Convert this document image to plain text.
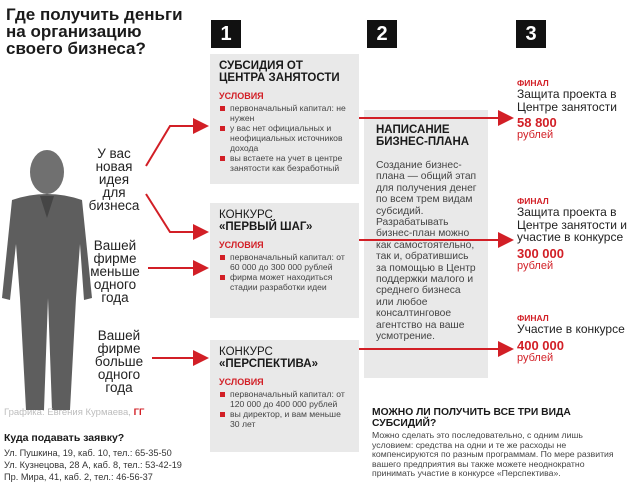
Где получить деньги на организацию своего бизнеса?
У вас новая идея для бизнеса
Вашей фирме меньше одного года
Вашей фирме больше одного года
1	2	3
СУБСИДИЯ ОТ ЦЕНТРА ЗАНЯТОСТИ
УСЛОВИЯ
первоначальный капитал: не нужен
у вас нет официальных и неофициальных источников дохода
вы встаете на учет в центре занятости как безработный
КОНКУРС
«ПЕРВЫЙ ШАГ»
УСЛОВИЯ
первоначальный капитал: от 60 000 до 300 000 рублей
фирма может находиться стадии разработки идеи
КОНКУРС
«ПЕРСПЕКТИВА»
УСЛОВИЯ
первоначальный капитал: от 120 000 до 400 000 рублей
вы директор, и вам меньше 30 лет
НАПИСАНИЕ БИЗНЕС-ПЛАНА
Создание бизнес-плана — общий этап для получения денег по всем трем видам субсидий. Разрабатывать бизнес-план можно как самостоятельно, так и, обратившись за помощью в Центр поддержки малого и среднего бизнеса или любое консалтинговое агентство на ваше усмотрение.
ФИНАЛ
Защита проекта в Центре занятости
58 800
рублей
ФИНАЛ
Защита проекта в Центре занятости и участие в конкурсе
300 000
рублей
ФИНАЛ
Участие в конкурсе
400 000
рублей
Графика: Евгения Курмаева, ГГ
Куда подавать заявку?
Ул. Пушкина, 19, каб. 10, тел.: 65-35-50
Ул. Кузнецова, 28 А, каб. 8, тел.: 53-42-19
Пр. Мира, 41, каб. 2, тел.: 46-56-37
МОЖНО ЛИ ПОЛУЧИТЬ ВСЕ ТРИ ВИДА СУБСИДИЙ?
Можно сделать это последовательно, с одним лишь условием: средства на одни и те же расходы не компенсируются по разным программам. По мере развития вашего предприятия вы также можете неоднократно принимать участие в конкурсе «Перспектива».
